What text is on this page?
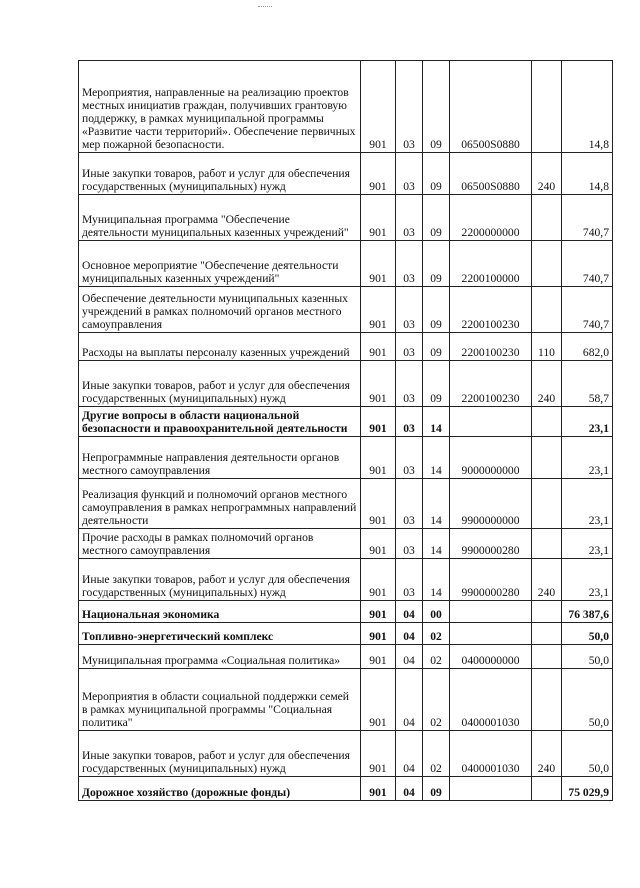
Мероприятия, направленные на реализацию проектов местных инициатив граждан, получивших грантовую поддержку, в рамках муниципальной программы «Развитие части территорий». Обеспечение первичных мер пожарной безопасности.	901	03	09	06500S0880		14,8
Иные закупки товаров, работ и услуг для обеспечения государственных (муниципальных) нужд	901	03	09	06500S0880	240	14,8
Муниципальная программа "Обеспечение деятельности муниципальных казенных учреждений"	901	03	09	2200000000		740,7
Основное мероприятие "Обеспечение деятельности муниципальных казенных учреждений"	901	03	09	2200100000		740,7
Обеспечение деятельности муниципальных казенных учреждений в рамках полномочий органов местного самоуправления	901	03	09	2200100230		740,7
Расходы на выплаты персоналу казенных учреждений	901	03	09	2200100230	110	682,0
Иные закупки товаров, работ и услуг для обеспечения государственных (муниципальных) нужд	901	03	09	2200100230	240	58,7
Другие вопросы в области национальной безопасности и правоохранительной деятельности	901	03	14			23,1
Непрограммные направления деятельности органов местного самоуправления	901	03	14	9000000000		23,1
Реализация функций и полномочий органов местного самоуправления в рамках непрограммных направлений деятельности	901	03	14	9900000000		23,1
Прочие расходы в рамках полномочий органов местного самоуправления	901	03	14	9900000280		23,1
Иные закупки товаров, работ и услуг для обеспечения государственных (муниципальных) нужд	901	03	14	9900000280	240	23,1
Национальная экономика	901	04	00			76 387,6
Топливно-энергетический комплекс	901	04	02			50,0
Муниципальная программа «Социальная политика»	901	04	02	0400000000		50,0
Мероприятия в области социальной поддержки семей в рамках муниципальной программы "Социальная политика"	901	04	02	0400001030		50,0
Иные закупки товаров, работ и услуг для обеспечения государственных (муниципальных) нужд	901	04	02	0400001030	240	50,0
Дорожное хозяйство (дорожные фонды)	901	04	09			75 029,9
